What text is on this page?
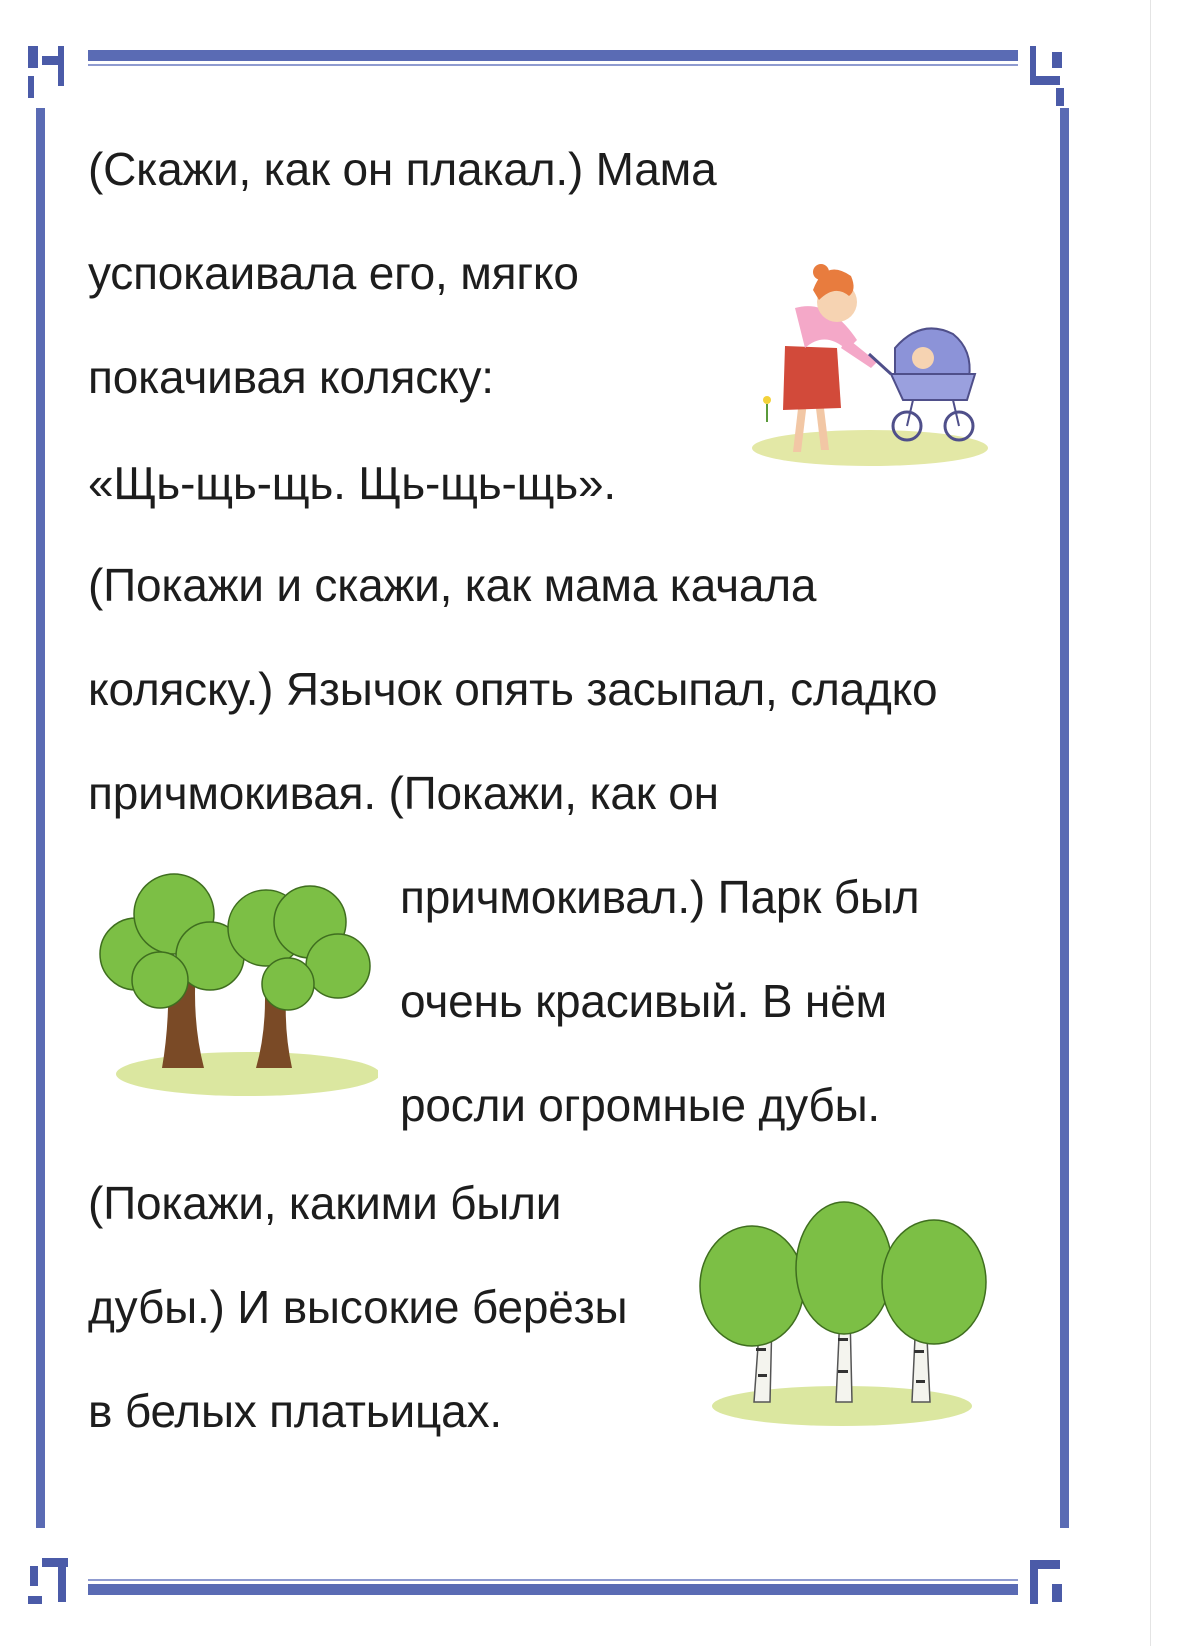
(Скажи, как он плакал.) Мама
успокаивала его, мягко
покачивая коляску:
«Щь-щь-щь. Щь-щь-щь».
(Покажи и скажи, как мама качала
коляску.) Язычок опять засыпал, сладко
причмокивая. (Покажи, как он
причмокивал.) Парк был
очень красивый. В нём
росли огромные дубы.
(Покажи, какими были
дубы.) И высокие берёзы
в белых платьицах.
